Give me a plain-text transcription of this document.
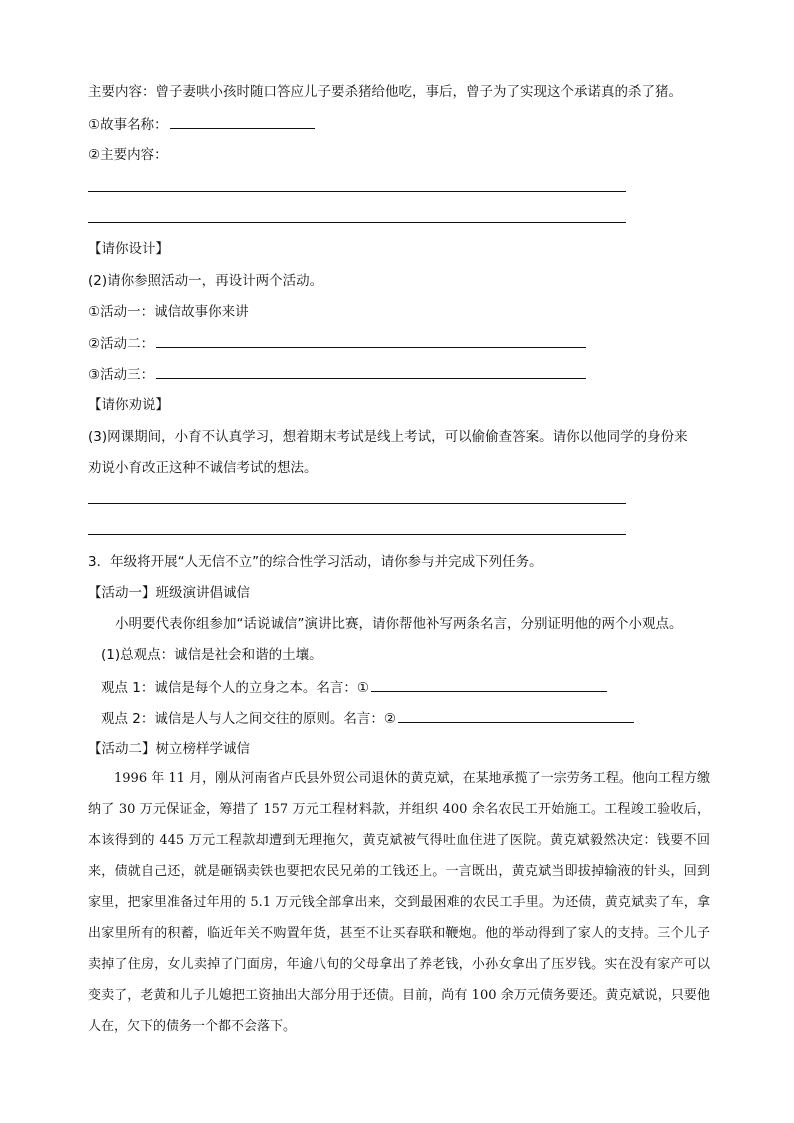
主要内容：曾子妻哄小孩时随口答应儿子要杀猪给他吃，事后，曾子为了实现这个承诺真的杀了猪。
①故事名称：
②主要内容：
【请你设计】
(2)请你参照活动一，再设计两个活动。
①活动一：诚信故事你来讲
②活动二：
③活动三：
【请你劝说】
(3)网课期间，小育不认真学习，想着期末考试是线上考试，可以偷偷查答案。请你以他同学的身份来
劝说小育改正这种不诚信考试的想法。
3．年级将开展“人无信不立”的综合性学习活动，请你参与并完成下列任务。
【活动一】班级演讲倡诚信
小明要代表你组参加“话说诚信”演讲比赛，请你帮他补写两条名言，分别证明他的两个小观点。
(1)总观点：诚信是社会和谐的土壤。
观点 1：诚信是每个人的立身之本。名言：①
观点 2：诚信是人与人之间交往的原则。名言：②
【活动二】树立榜样学诚信
1996 年 11 月，刚从河南省卢氏县外贸公司退休的黄克斌，在某地承揽了一宗劳务工程。他向工程方缴纳了 30 万元保证金，筹措了 157 万元工程材料款，并组织 400 余名农民工开始施工。工程竣工验收后，本该得到的 445 万元工程款却遭到无理拖欠，黄克斌被气得吐血住进了医院。黄克斌毅然决定：钱要不回来，债就自己还，就是砸锅卖铁也要把农民兄弟的工钱还上。一言既出，黄克斌当即拔掉输液的针头，回到家里，把家里准备过年用的 5.1 万元钱全部拿出来，交到最困难的农民工手里。为还债，黄克斌卖了车，拿出家里所有的积蓄，临近年关不购置年货，甚至不让买春联和鞭炮。他的举动得到了家人的支持。三个儿子卖掉了住房，女儿卖掉了门面房，年逾八旬的父母拿出了养老钱，小孙女拿出了压岁钱。实在没有家产可以变卖了，老黄和儿子儿媳把工资抽出大部分用于还债。目前，尚有 100 余万元债务要还。黄克斌说，只要他人在，欠下的债务一个都不会落下。
